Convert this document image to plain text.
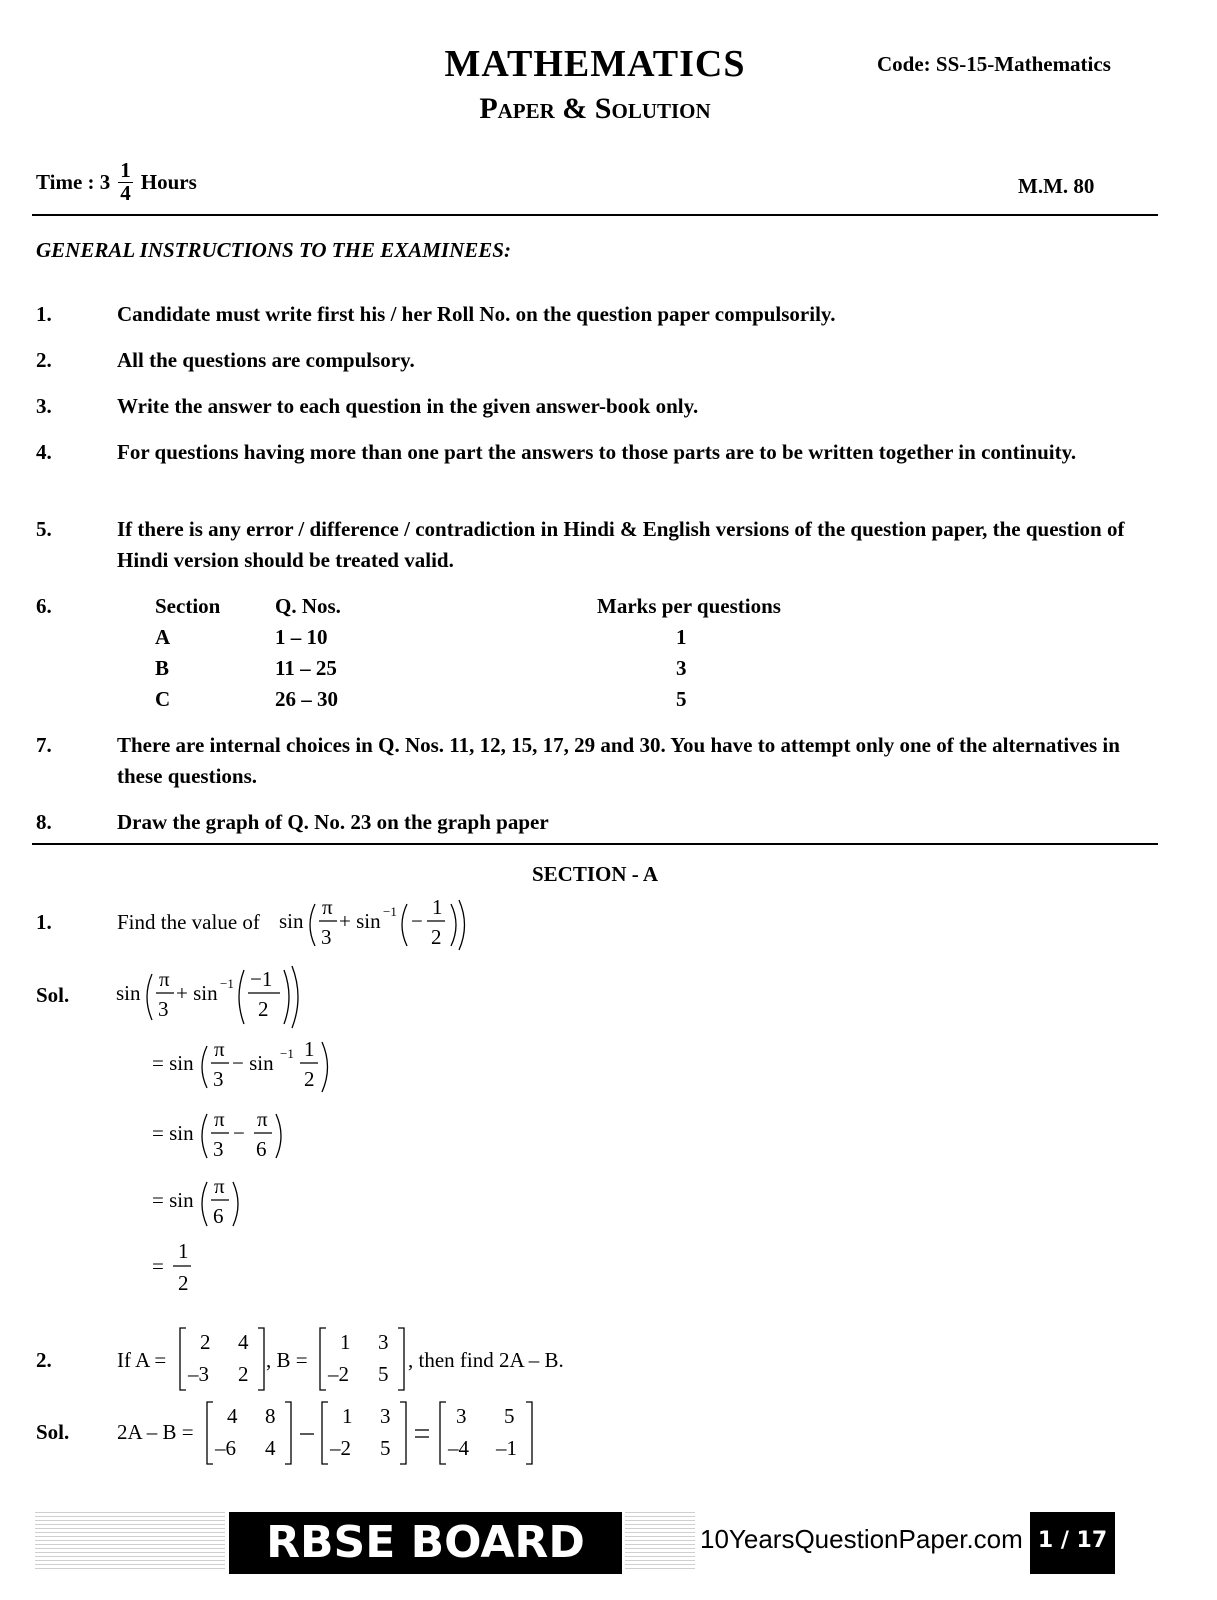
MATHEMATICS
Paper & Solution
Code: SS-15-Mathematics
Time : $3 \frac{1}{4}$ Hours	M.M. 80
GENERAL INSTRUCTIONS TO THE EXAMINEES:
1.	Candidate must write first his / her Roll No. on the question paper compulsorily.
2.	All the questions are compulsory.
3.	Write the answer to each question in the given answer-book only.
4.	For questions having more than one part the answers to those parts are to be written together in continuity.
5.	If there is any error / difference / contradiction in Hindi & English versions of the question paper, the question of Hindi version should be treated valid.
6.	Section	Q. Nos.	Marks per questions
A	1 – 10	1
B	11 – 25	3
C	26 – 30	5
7.	There are internal choices in Q. Nos. 11, 12, 15, 17, 29 and 30. You have to attempt only one of the alternatives in these questions.
8.	Draw the graph of Q. No. 23 on the graph paper
SECTION - A
1.	Find the value of sin
π
3
+ sin −1 −
1
2
Sol. sin
π
3
+ sin −1 −1
2
= sin
π
3
− sin −1 1
2
= sin
π
3
−
π
6
= sin
π
6
=
1
2
2.	If A =
2 4
–3 2
, B =
1 3
–2 5
, then find 2A – B.
Sol. 2A – B =
4 8
–6 4
1 3
–2 5
3 5
–4 –1
RBSE BOARD	10YearsQuestionPaper.com 1 / 17
